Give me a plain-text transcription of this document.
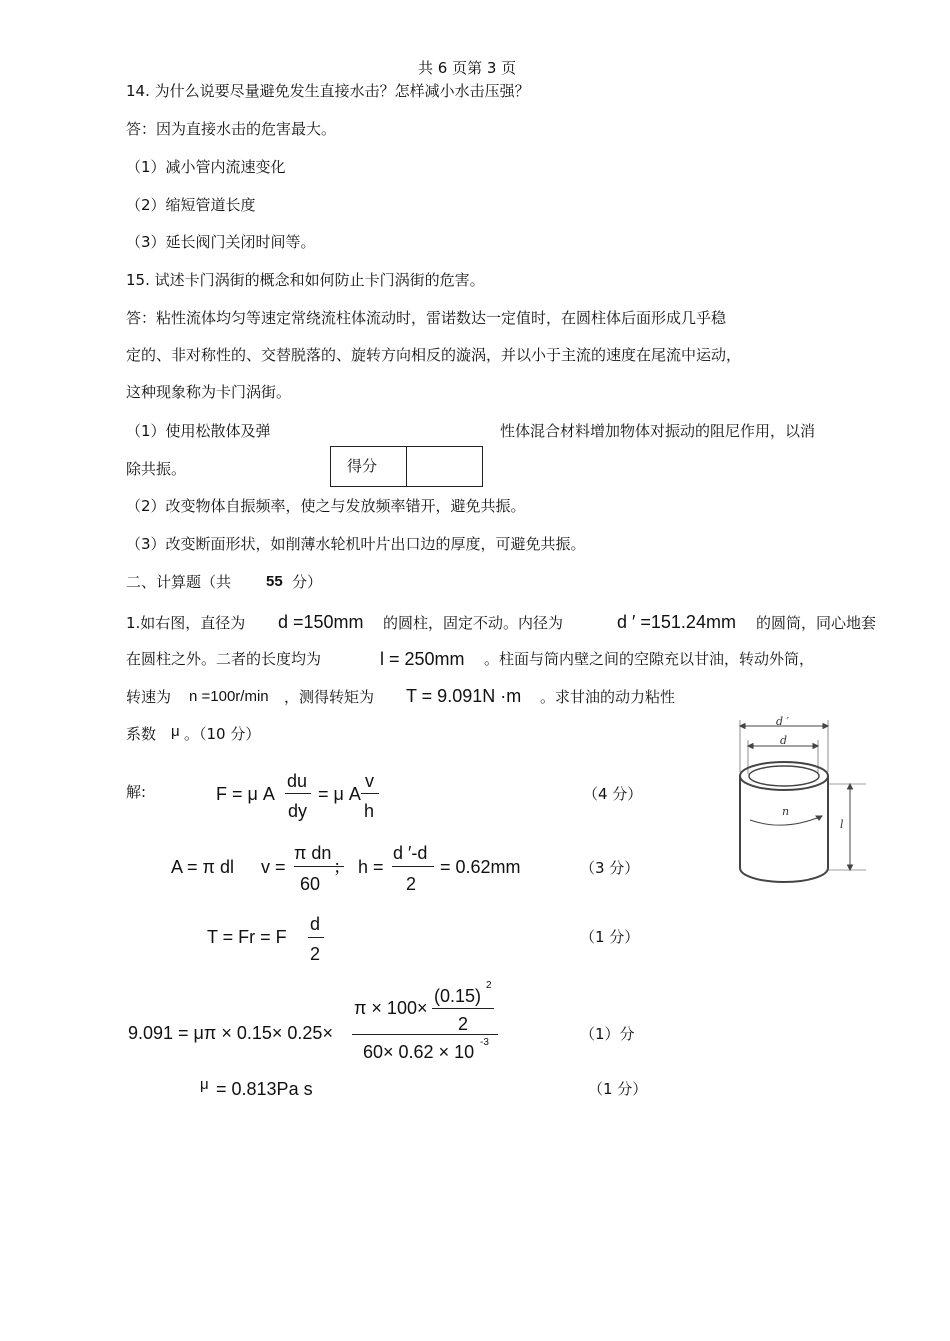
共 6 页第 3 页
14. 为什么说要尽量避免发生直接水击？怎样减小水击压强？
答：因为直接水击的危害最大。
（1）减小管内流速变化
（2）缩短管道长度
（3）延长阀门关闭时间等。
15. 试述卡门涡街的概念和如何防止卡门涡街的危害。
答：粘性流体均匀等速定常绕流柱体流动时，雷诺数达一定值时，在圆柱体后面形成几乎稳
定的、非对称性的、交替脱落的、旋转方向相反的漩涡，并以小于主流的速度在尾流中运动，
这种现象称为卡门涡街。
（1）使用松散体及弹	性体混合材料增加物体对振动的阻尼作用，以消
除共振。
（2）改变物体自振频率，使之与发放频率错开，避免共振。
（3）改变断面形状，如削薄水轮机叶片出口边的厚度，可避免共振。
得分
二、计算题（共 55 分）
1.如右图，直径为 d =150mm 的圆柱，固定不动。内径为	d ′ =151.24mm 的圆筒，同心地套
在圆柱之外。二者的长度均为	l = 250mm 。柱面与筒内壁之间的空隙充以甘油，转动外筒，
转速为 n =100r/min ，测得转矩为 T = 9.091N ·m 。求甘油的动力粘性
系数 μ 。（10 分）
解:	F = μ A
du
dy
= μ A
v
h
（4 分）
A = π dl v =
π dn
60
； h =
d ′-d
2
= 0.62mm	（3 分）
T = Fr = F
d
2
（1 分）
9.091 = μπ × 0.15× 0.25×
π × 100×
(0.15)
2
2
60× 0.62 × 10 -3	（1）分
μ = 0.813Pa s	（1 分）
d ′
d
n
l
